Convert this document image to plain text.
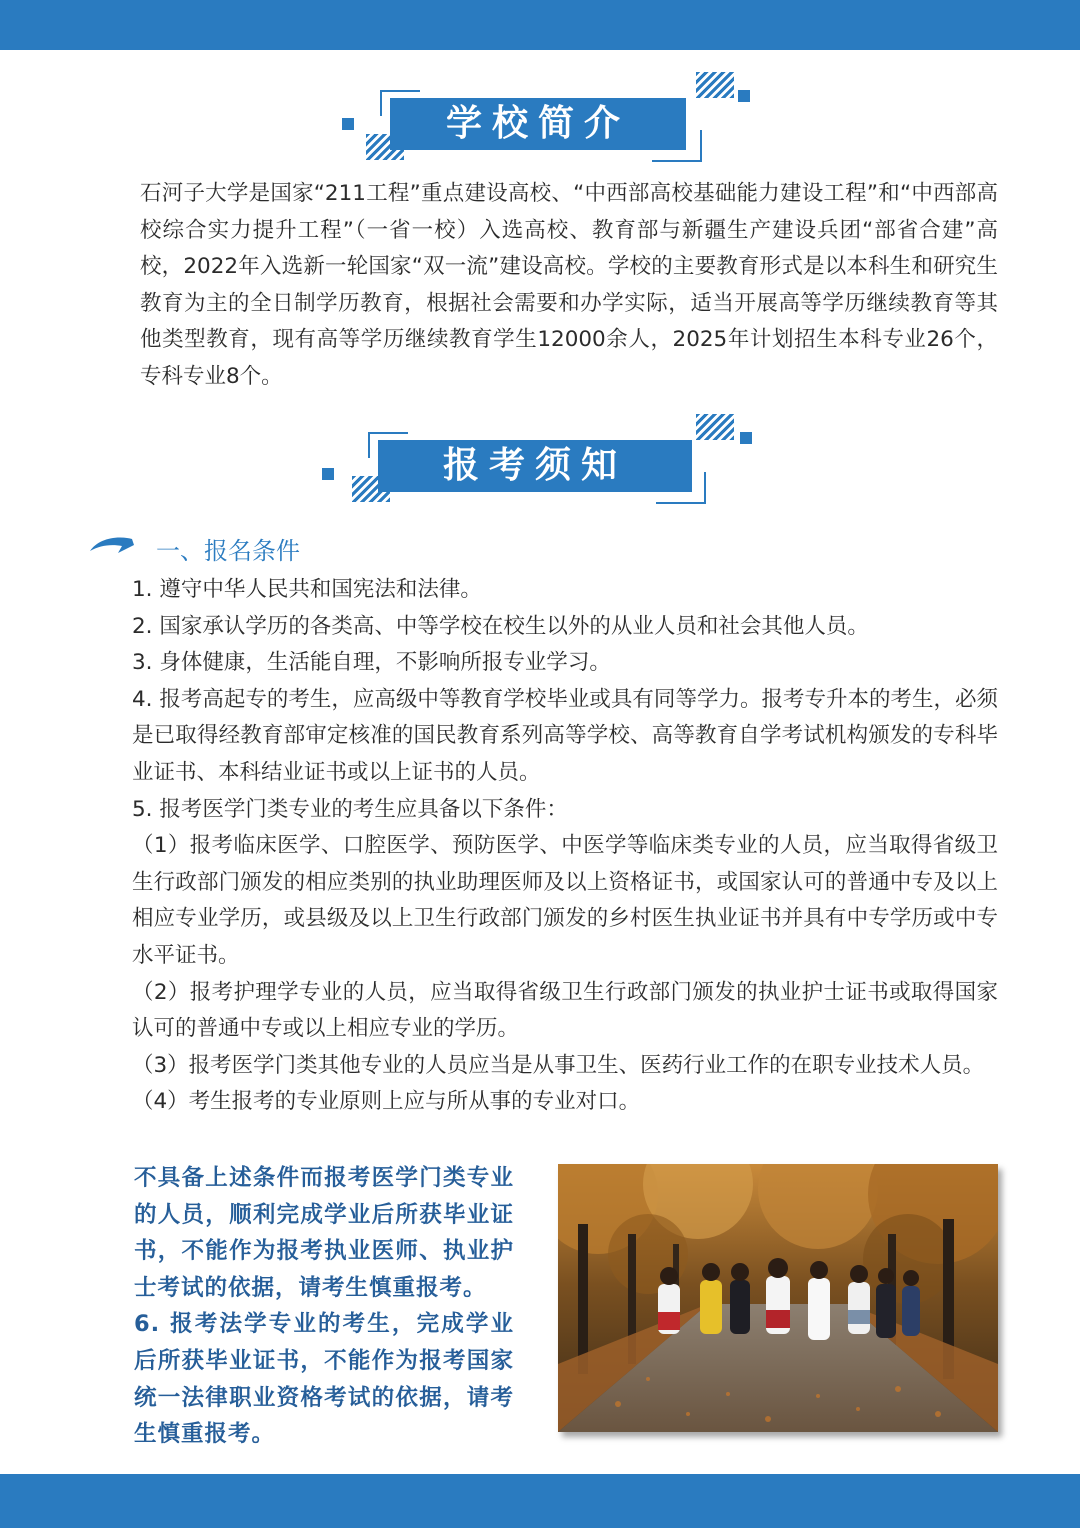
学校简介

石河子大学是国家“211工程”重点建设高校、“中西部高校基础能力建设工程”和“中西部高校综合实力提升工程”（一省一校）入选高校、教育部与新疆生产建设兵团“部省合建”高校，2022年入选新一轮国家“双一流”建设高校。学校的主要教育形式是以本科生和研究生教育为主的全日制学历教育，根据社会需要和办学实际，适当开展高等学历继续教育等其他类型教育，现有高等学历继续教育学生12000余人，2025年计划招生本科专业26个，专科专业8个。

报考须知
一、报名条件

1. 遵守中华人民共和国宪法和法律。

2. 国家承认学历的各类高、中等学校在校生以外的从业人员和社会其他人员。

3. 身体健康，生活能自理，不影响所报专业学习。

4. 报考高起专的考生，应高级中等教育学校毕业或具有同等学力。报考专升本的考生，必须是已取得经教育部审定核准的国民教育系列高等学校、高等教育自学考试机构颁发的专科毕业证书、本科结业证书或以上证书的人员。

5. 报考医学门类专业的考生应具备以下条件：

（1）报考临床医学、口腔医学、预防医学、中医学等临床类专业的人员，应当取得省级卫生行政部门颁发的相应类别的执业助理医师及以上资格证书，或国家认可的普通中专及以上相应专业学历，或县级及以上卫生行政部门颁发的乡村医生执业证书并具有中专学历或中专水平证书。

（2）报考护理学专业的人员，应当取得省级卫生行政部门颁发的执业护士证书或取得国家认可的普通中专或以上相应专业的学历。

（3）报考医学门类其他专业的人员应当是从事卫生、医药行业工作的在职专业技术人员。

（4）考生报考的专业原则上应与所从事的专业对口。

不具备上述条件而报考医学门类专业的人员，顺利完成学业后所获毕业证书，不能作为报考执业医师、执业护士考试的依据，请考生慎重报考。

6. 报考法学专业的考生，完成学业后所获毕业证书，不能作为报考国家统一法律职业资格考试的依据，请考生慎重报考。
